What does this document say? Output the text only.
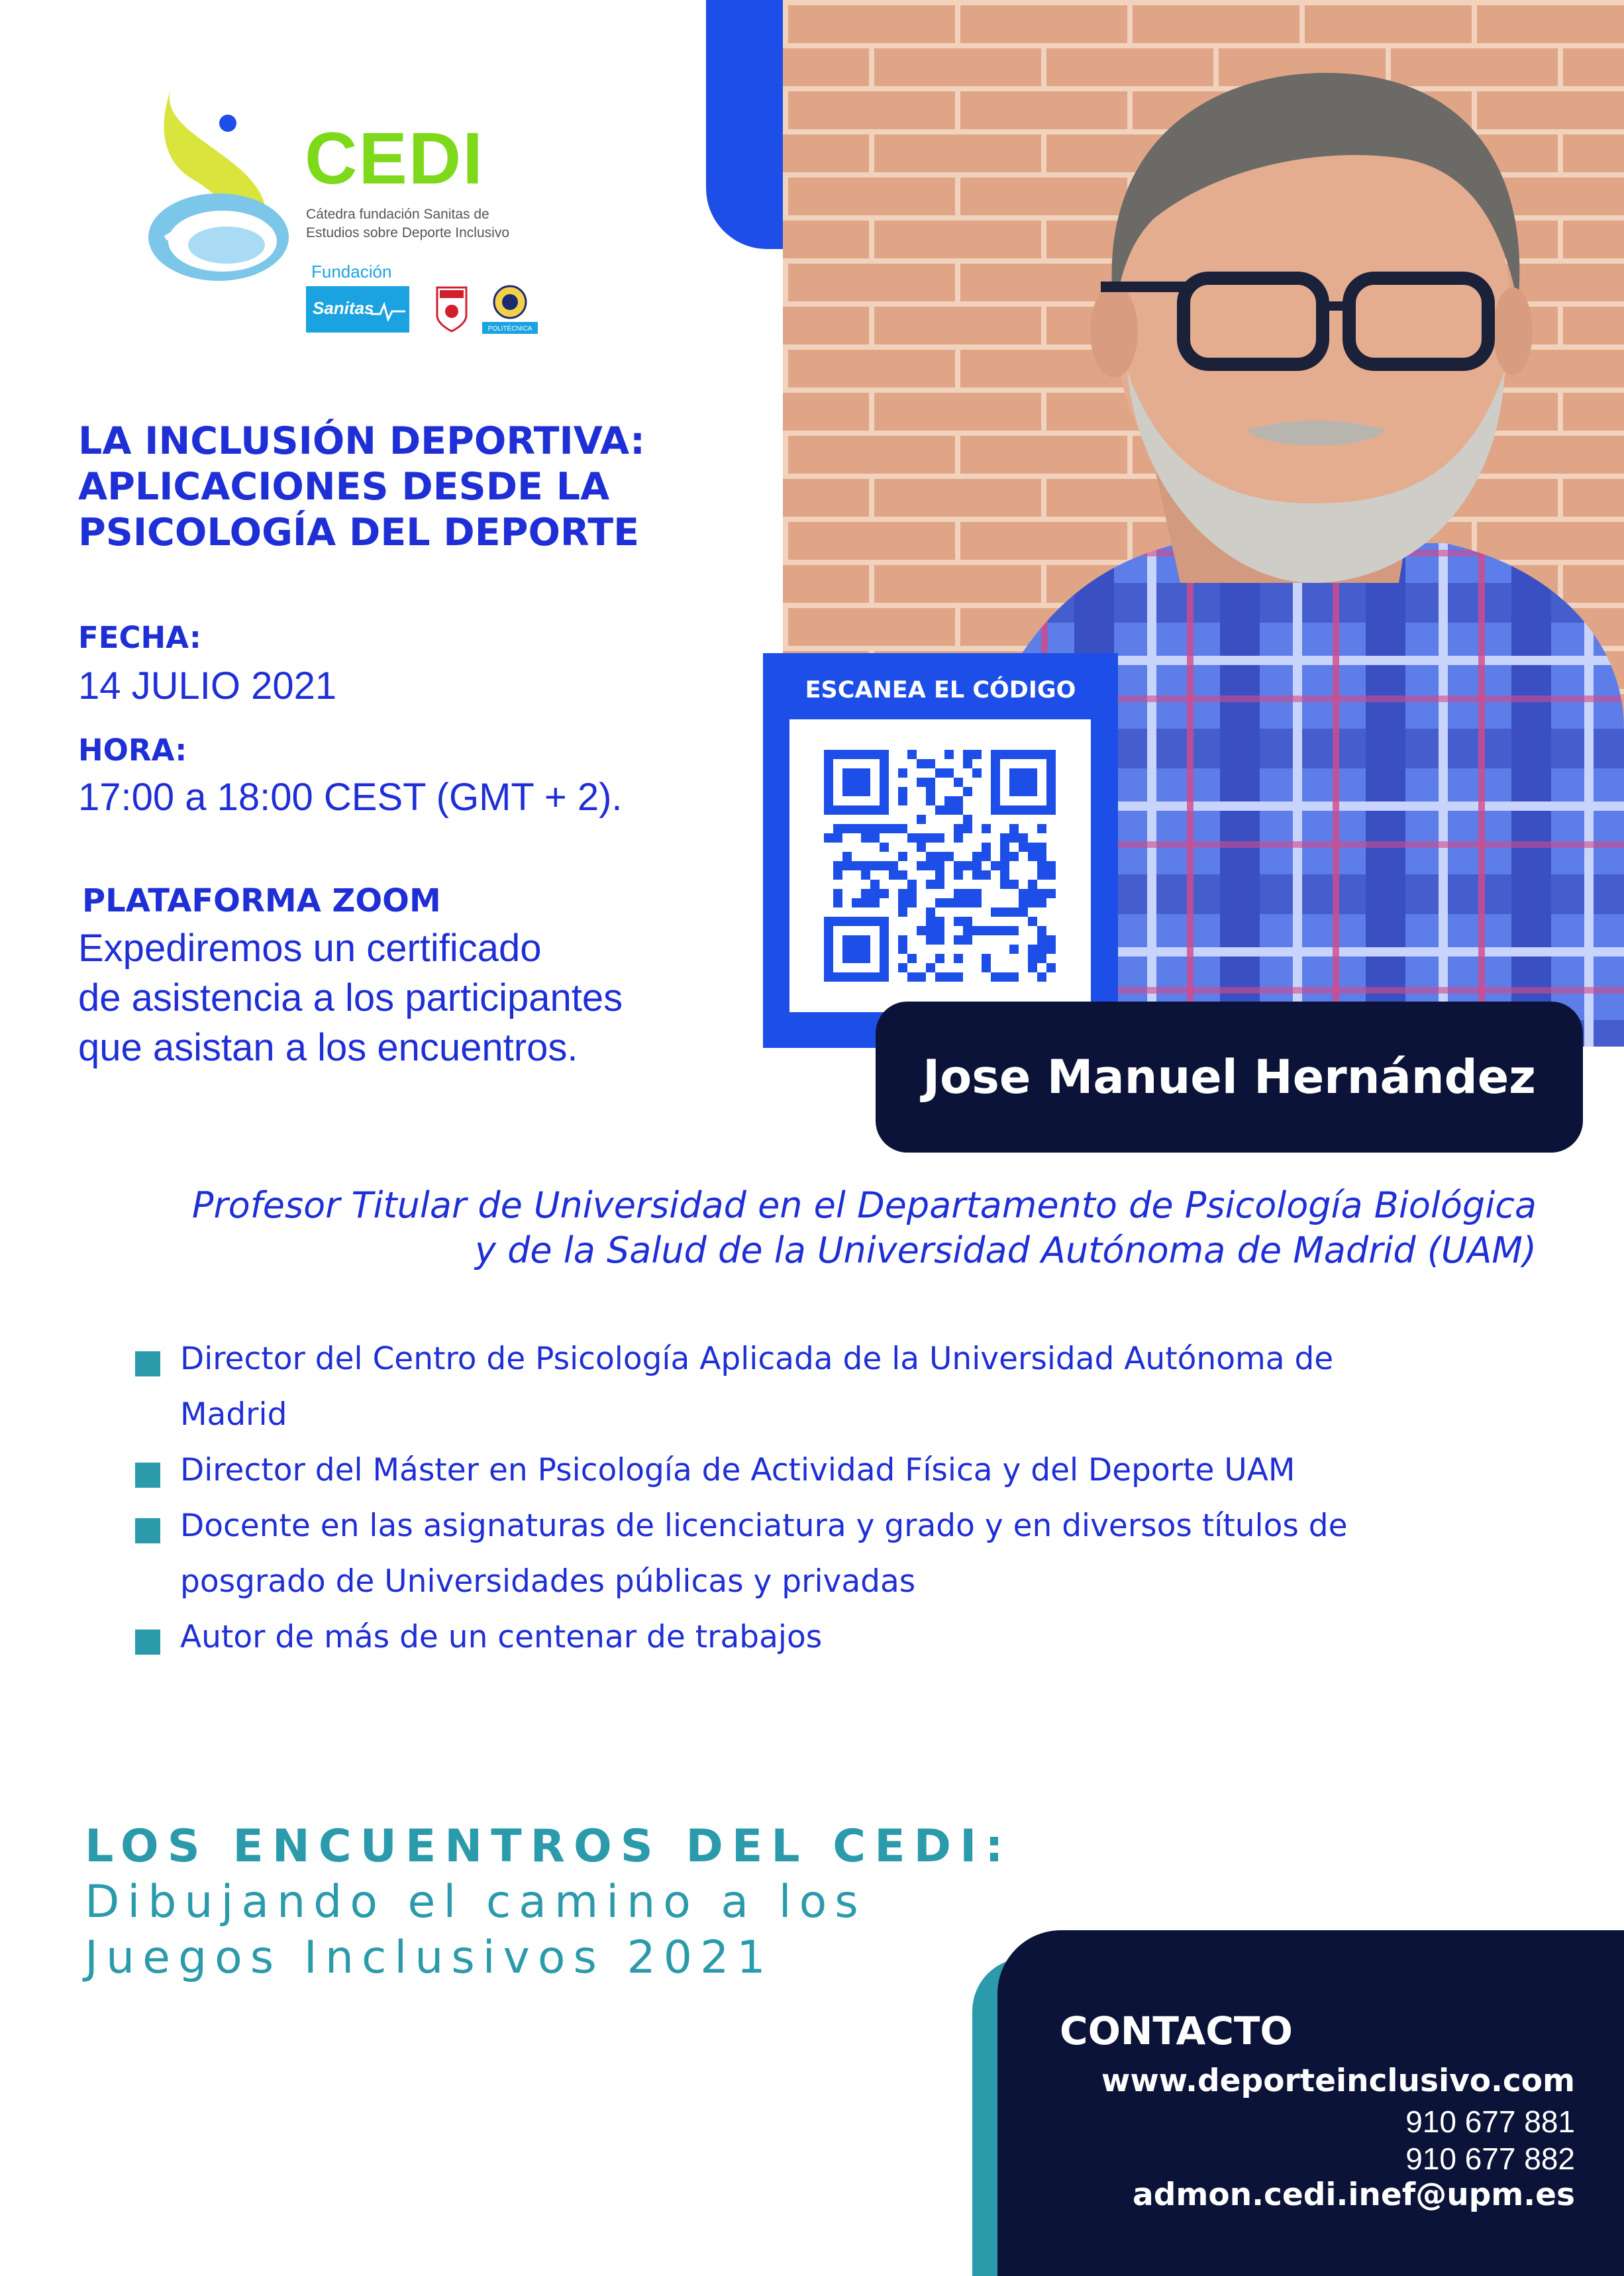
CEDI
Cátedra fundación Sanitas de
Estudios sobre Deporte Inclusivo
Fundación
Sanitas
POLITÉCNICA
LA INCLUSIÓN DEPORTIVA:
APLICACIONES DESDE LA
PSICOLOGÍA DEL DEPORTE
FECHA:
14 JULIO 2021
HORA:
17:00 a 18:00 CEST (GMT + 2).
PLATAFORMA ZOOM
Expediremos un certificado
de asistencia a los participantes
que asistan a los encuentros.
ESCANEA EL CÓDIGO
Jose Manuel Hernández
Profesor Titular de Universidad en el Departamento de Psicología Biológica
y de la Salud de la Universidad Autónoma de Madrid (UAM)
Director del Centro de Psicología Aplicada de la Universidad Autónoma de
Madrid
Director del Máster en Psicología de Actividad Física y del Deporte UAM
Docente en las asignaturas de licenciatura y grado y en diversos títulos de
posgrado de Universidades públicas y privadas
Autor de más de un centenar de trabajos
LOS ENCUENTROS DEL CEDI:
Dibujando el camino a los
Juegos Inclusivos 2021
CONTACTO
www.deporteinclusivo.com
910 677 881
910 677 882
admon.cedi.inef@upm.es
